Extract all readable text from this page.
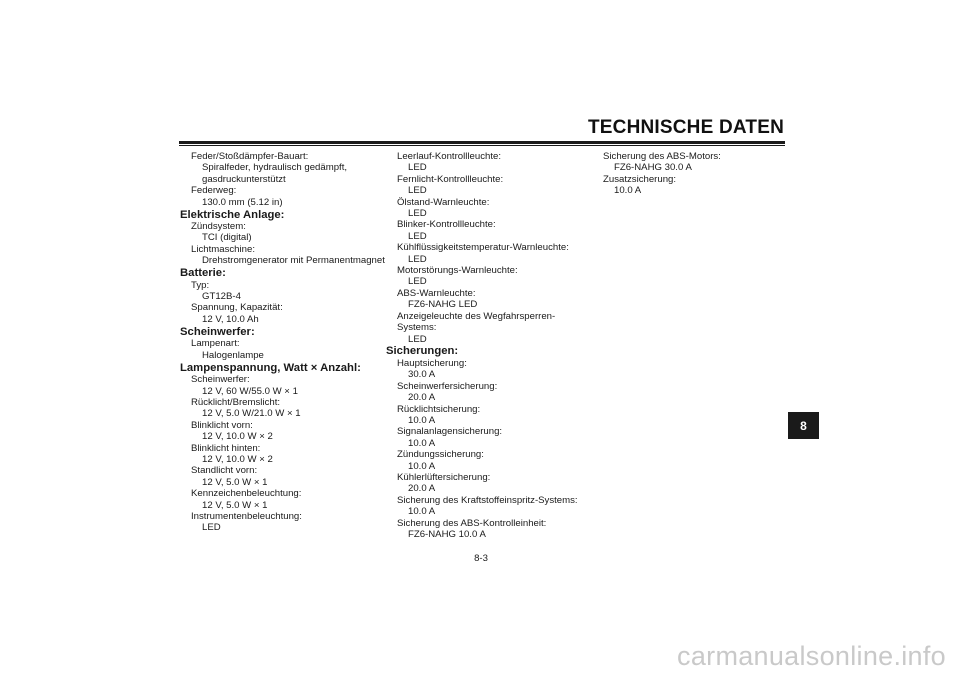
TECHNISCHE DATEN
Feder/Stoßdämpfer-Bauart:
Spiralfeder, hydraulisch gedämpft,
gasdruckunterstützt
Federweg:
130.0 mm (5.12 in)
Elektrische Anlage:
Zündsystem:
TCI (digital)
Lichtmaschine:
Drehstromgenerator mit Permanentmagnet
Batterie:
Typ:
GT12B-4
Spannung, Kapazität:
12 V, 10.0 Ah
Scheinwerfer:
Lampenart:
Halogenlampe
Lampenspannung, Watt × Anzahl:
Scheinwerfer:
12 V, 60 W/55.0 W × 1
Rücklicht/Bremslicht:
12 V, 5.0 W/21.0 W × 1
Blinklicht vorn:
12 V, 10.0 W × 2
Blinklicht hinten:
12 V, 10.0 W × 2
Standlicht vorn:
12 V, 5.0 W × 1
Kennzeichenbeleuchtung:
12 V, 5.0 W × 1
Instrumentenbeleuchtung:
LED
Leerlauf-Kontrollleuchte:
LED
Fernlicht-Kontrollleuchte:
LED
Ölstand-Warnleuchte:
LED
Blinker-Kontrollleuchte:
LED
Kühlflüssigkeitstemperatur-Warnleuchte:
LED
Motorstörungs-Warnleuchte:
LED
ABS-Warnleuchte:
FZ6-NAHG LED
Anzeigeleuchte des Wegfahrsperren-
Systems:
LED
Sicherungen:
Hauptsicherung:
30.0 A
Scheinwerfersicherung:
20.0 A
Rücklichtsicherung:
10.0 A
Signalanlagensicherung:
10.0 A
Zündungssicherung:
10.0 A
Kühlerlüftersicherung:
20.0 A
Sicherung des Kraftstoffeinspritz-Systems:
10.0 A
Sicherung des ABS-Kontrolleinheit:
FZ6-NAHG 10.0 A
Sicherung des ABS-Motors:
FZ6-NAHG 30.0 A
Zusatzsicherung:
10.0 A
8
8-3
carmanualsonline.info
